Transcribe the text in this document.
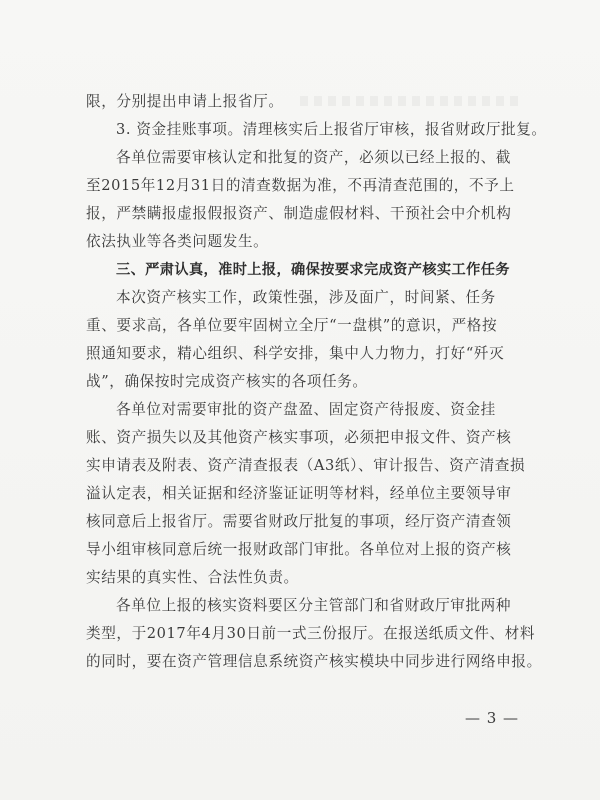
限，分别提出申请上报省厅。

3. 资金挂账事项。清理核实后上报省厅审核，报省财政厅批复。

各单位需要审核认定和批复的资产，必须以已经上报的、截

至2015年12月31日的清查数据为准，不再清查范围的，不予上

报，严禁瞒报虚报假报资产、制造虚假材料、干预社会中介机构

依法执业等各类问题发生。

三、严肃认真，准时上报，确保按要求完成资产核实工作任务

本次资产核实工作，政策性强，涉及面广，时间紧、任务

重、要求高，各单位要牢固树立全厅“一盘棋”的意识，严格按

照通知要求，精心组织、科学安排，集中人力物力，打好“歼灭

战”，确保按时完成资产核实的各项任务。

各单位对需要审批的资产盘盈、固定资产待报废、资金挂

账、资产损失以及其他资产核实事项，必须把申报文件、资产核

实申请表及附表、资产清查报表（A3纸）、审计报告、资产清查损

溢认定表，相关证据和经济鉴证证明等材料，经单位主要领导审

核同意后上报省厅。需要省财政厅批复的事项，经厅资产清查领

导小组审核同意后统一报财政部门审批。各单位对上报的资产核

实结果的真实性、合法性负责。

各单位上报的核实资料要区分主管部门和省财政厅审批两种

类型，于2017年4月30日前一式三份报厅。在报送纸质文件、材料

的同时，要在资产管理信息系统资产核实模块中同步进行网络申报。

— 3 —
